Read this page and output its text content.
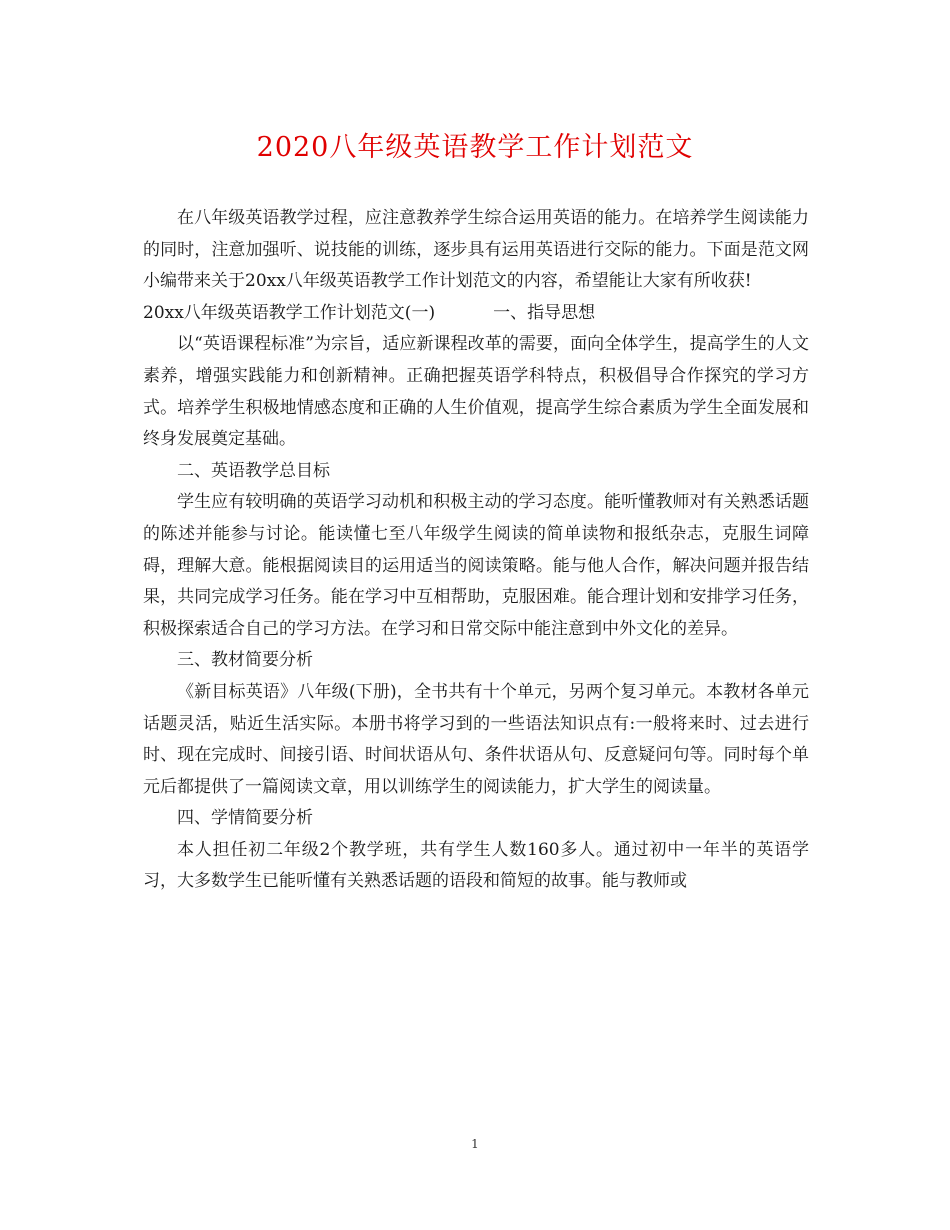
2020八年级英语教学工作计划范文

在八年级英语教学过程，应注意教养学生综合运用英语的能力。在培养学生阅读能力的同时，注意加强听、说技能的训练，逐步具有运用英语进行交际的能力。下面是范文网小编带来关于20xx八年级英语教学工作计划范文的内容，希望能让大家有所收获!

20xx八年级英语教学工作计划范文(一)	一、指导思想

以“英语课程标准”为宗旨，适应新课程改革的需要，面向全体学生，提高学生的人文素养，增强实践能力和创新精神。正确把握英语学科特点，积极倡导合作探究的学习方式。培养学生积极地情感态度和正确的人生价值观，提高学生综合素质为学生全面发展和终身发展奠定基础。

二、英语教学总目标

学生应有较明确的英语学习动机和积极主动的学习态度。能听懂教师对有关熟悉话题的陈述并能参与讨论。能读懂七至八年级学生阅读的简单读物和报纸杂志，克服生词障碍，理解大意。能根据阅读目的运用适当的阅读策略。能与他人合作，解决问题并报告结果，共同完成学习任务。能在学习中互相帮助，克服困难。能合理计划和安排学习任务，积极探索适合自己的学习方法。在学习和日常交际中能注意到中外文化的差异。

三、教材简要分析

《新目标英语》八年级(下册)，全书共有十个单元，另两个复习单元。本教材各单元话题灵活，贴近生活实际。本册书将学习到的一些语法知识点有:一般将来时、过去进行时、现在完成时、间接引语、时间状语从句、条件状语从句、反意疑问句等。同时每个单元后都提供了一篇阅读文章，用以训练学生的阅读能力，扩大学生的阅读量。

四、学情简要分析

本人担任初二年级2个教学班，共有学生人数160多人。通过初中一年半的英语学习，大多数学生已能听懂有关熟悉话题的语段和简短的故事。能与教师或

1
